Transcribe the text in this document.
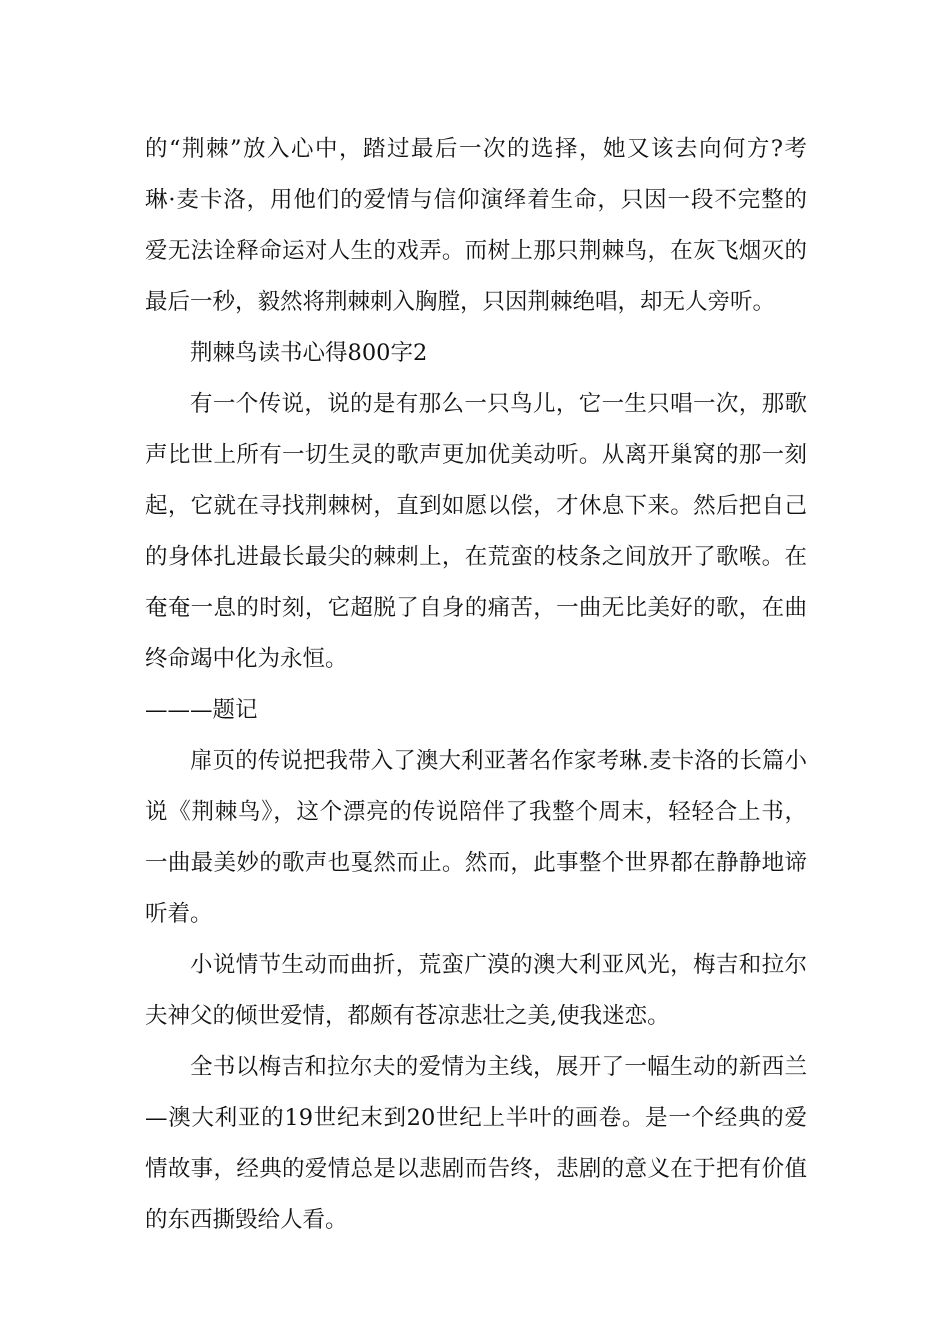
的“荆棘”放入心中，踏过最后一次的选择，她又该去向何方?考
琳·麦卡洛，用他们的爱情与信仰演绎着生命，只因一段不完整的
爱无法诠释命运对人生的戏弄。而树上那只荆棘鸟，在灰飞烟灭的
最后一秒，毅然将荆棘刺入胸膛，只因荆棘绝唱，却无人旁听。
荆棘鸟读书心得800字2
有一个传说，说的是有那么一只鸟儿，它一生只唱一次，那歌
声比世上所有一切生灵的歌声更加优美动听。从离开巢窝的那一刻
起，它就在寻找荆棘树，直到如愿以偿，才休息下来。然后把自己
的身体扎进最长最尖的棘刺上，在荒蛮的枝条之间放开了歌喉。在
奄奄一息的时刻，它超脱了自身的痛苦，一曲无比美好的歌，在曲
终命竭中化为永恒。
———题记
扉页的传说把我带入了澳大利亚著名作家考琳.麦卡洛的长篇小
说《荆棘鸟》，这个漂亮的传说陪伴了我整个周末，轻轻合上书，
一曲最美妙的歌声也戛然而止。然而，此事整个世界都在静静地谛
听着。
小说情节生动而曲折，荒蛮广漠的澳大利亚风光，梅吉和拉尔
夫神父的倾世爱情，都颇有苍凉悲壮之美,使我迷恋。
全书以梅吉和拉尔夫的爱情为主线，展开了一幅生动的新西兰
—澳大利亚的19世纪末到20世纪上半叶的画卷。是一个经典的爱
情故事，经典的爱情总是以悲剧而告终，悲剧的意义在于把有价值
的东西撕毁给人看。
